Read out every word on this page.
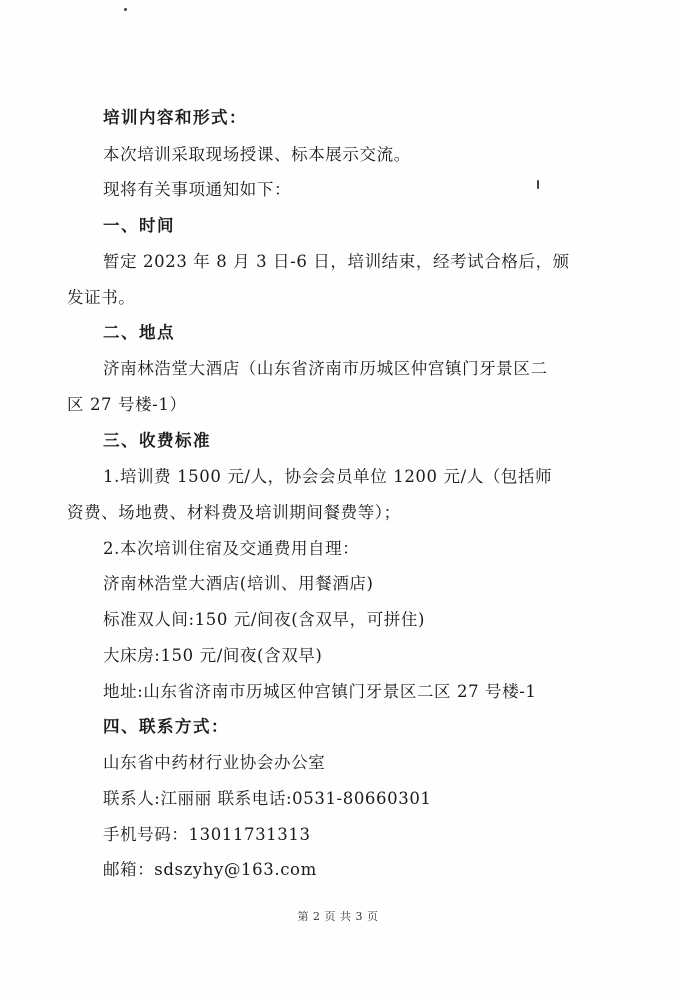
培训内容和形式：
本次培训采取现场授课、标本展示交流。
现将有关事项通知如下：
一、时间
暂定 2023 年 8 月 3 日-6 日，培训结束，经考试合格后，颁
发证书。
二、地点
济南林浩堂大酒店（山东省济南市历城区仲宫镇门牙景区二
区 27 号楼-1）
三、收费标准
1.培训费 1500 元/人，协会会员单位 1200 元/人（包括师
资费、场地费、材料费及培训期间餐费等）；
2.本次培训住宿及交通费用自理：
济南林浩堂大酒店(培训、用餐酒店)
标准双人间:150 元/间夜(含双早，可拼住)
大床房:150 元/间夜(含双早)
地址:山东省济南市历城区仲宫镇门牙景区二区 27 号楼-1
四、联系方式：
山东省中药材行业协会办公室
联系人:江丽丽 联系电话:0531-80660301
手机号码：13011731313
邮箱：sdszyhy@163.com
第 2 页 共 3 页
